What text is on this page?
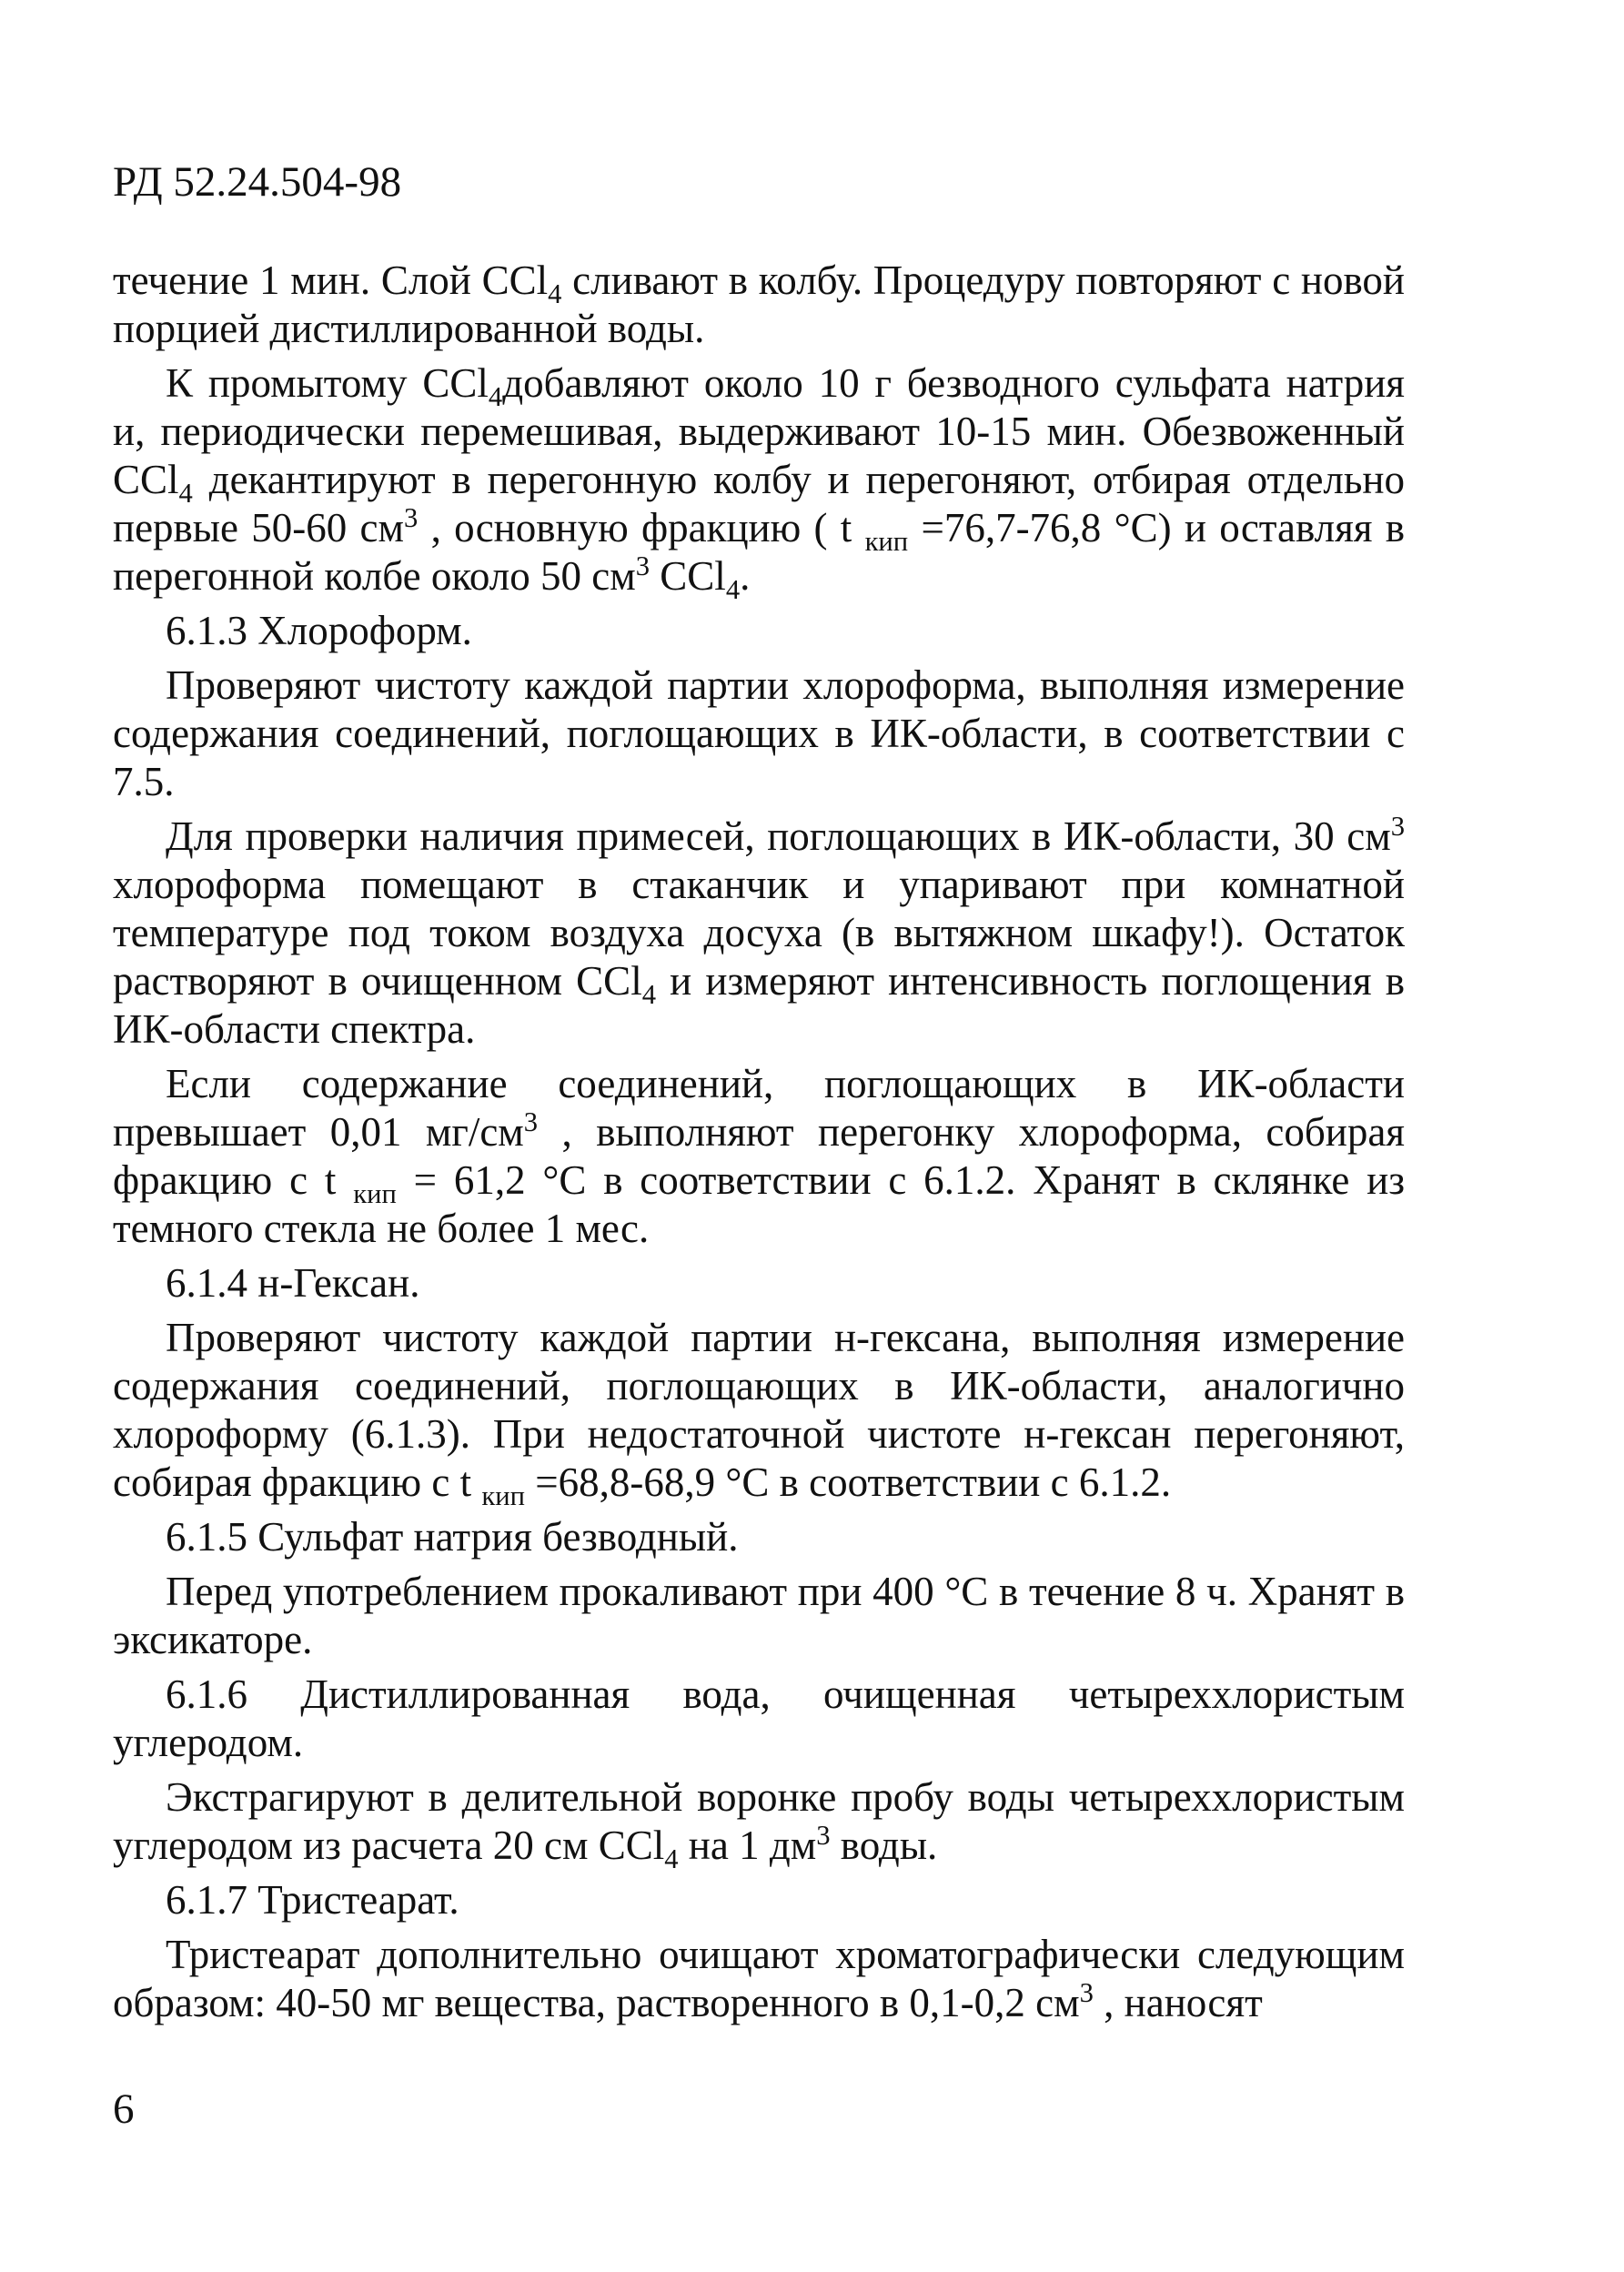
РД 52.24.504-98

течение 1 мин. Слой CCl$_4$ сливают в колбу. Процедуру повторяют с новой порцией дистиллированной воды.

К промытому CCl$_4$добавляют около 10 г безводного сульфата натрия и, периодически перемешивая, выдерживают 10-15 мин. Обезвоженный CCl$_4$ декантируют в перегонную колбу и перегоняют, отбирая отдельно первые 50-60 $см^3$ , основную фракцию ( t $_{кип}$ =76,7-76,8 °С) и оставляя в перегонной колбе около 50 $см^3$ CCl$_4$.

6.1.3 Хлороформ.

Проверяют чистоту каждой партии хлороформа, выполняя измерение содержания соединений, поглощающих в ИК-области, в соответствии с 7.5.

Для проверки наличия примесей, поглощающих в ИК-области, 30 $см^3$ хлороформа помещают в стаканчик и упаривают при комнатной температуре под током воздуха досуха (в вытяжном шкафу!). Остаток растворяют в очищенном CCl$_4$ и измеряют интенсивность поглощения в ИК-области спектра.

Если содержание соединений, поглощающих в ИК-области превышает 0,01 $мг/см^3$ , выполняют перегонку хлороформа, собирая фракцию с t $_{кип}$ = 61,2 °С в соответствии с 6.1.2. Хранят в склянке из темного стекла не более 1 мес.

6.1.4 н-Гексан.

Проверяют чистоту каждой партии н-гексана, выполняя измерение содержания соединений, поглощающих в ИК-области, аналогично хлороформу (6.1.3). При недостаточной чистоте н-гексан перегоняют, собирая фракцию с t $_{кип}$ =68,8-68,9 °С в соответствии с 6.1.2.

6.1.5 Сульфат натрия безводный.

Перед употреблением прокаливают при 400 °С в течение 8 ч. Хранят в эксикаторе.

6.1.6 Дистиллированная вода, очищенная четыреххлористым углеродом.

Экстрагируют в делительной воронке пробу воды четыреххлористым углеродом из расчета 20 см CCl$_4$ на 1 $дм^3$ воды.

6.1.7 Тристеарат.

Тристеарат дополнительно очищают хроматографически следующим образом: 40-50 мг вещества, растворенного в 0,1-0,2 $см^3$ , наносят

6
